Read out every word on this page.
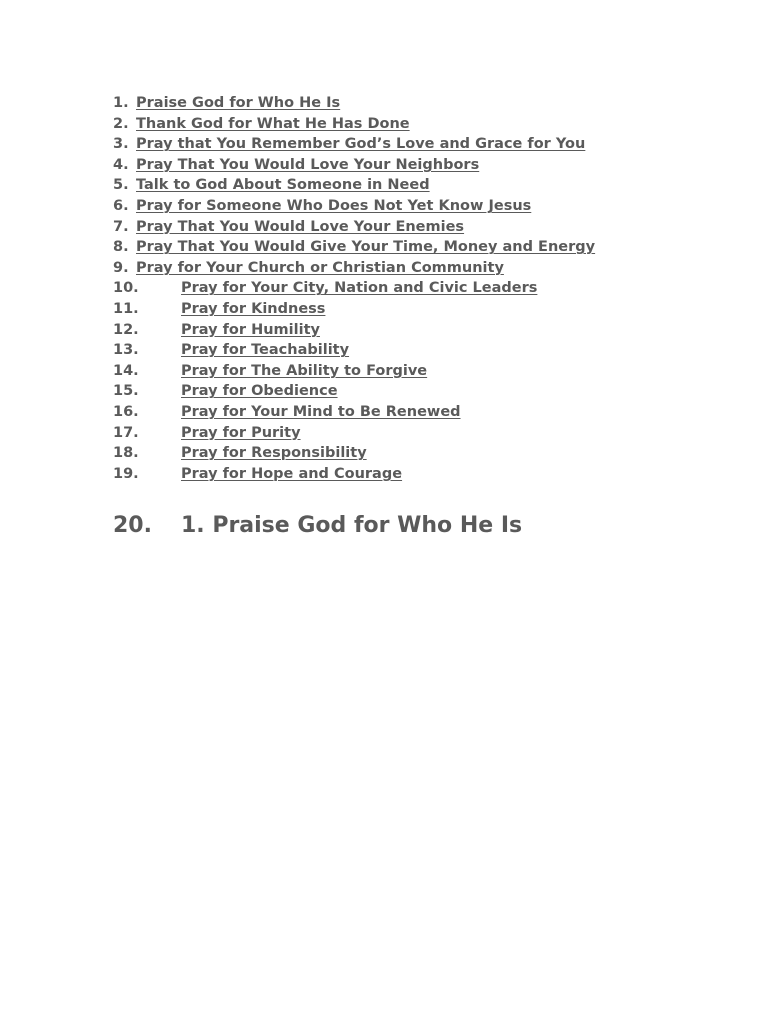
1. Praise God for Who He Is
2. Thank God for What He Has Done
3. Pray that You Remember God’s Love and Grace for You
4. Pray That You Would Love Your Neighbors
5. Talk to God About Someone in Need
6. Pray for Someone Who Does Not Yet Know Jesus
7. Pray That You Would Love Your Enemies
8. Pray That You Would Give Your Time, Money and Energy
9. Pray for Your Church or Christian Community
10.	Pray for Your City, Nation and Civic Leaders
11.	Pray for Kindness
12.	Pray for Humility
13.	Pray for Teachability
14.	Pray for The Ability to Forgive
15.	Pray for Obedience
16.	Pray for Your Mind to Be Renewed
17.	Pray for Purity
18.	Pray for Responsibility
19.	Pray for Hope and Courage
20.	1. Praise God for Who He Is
